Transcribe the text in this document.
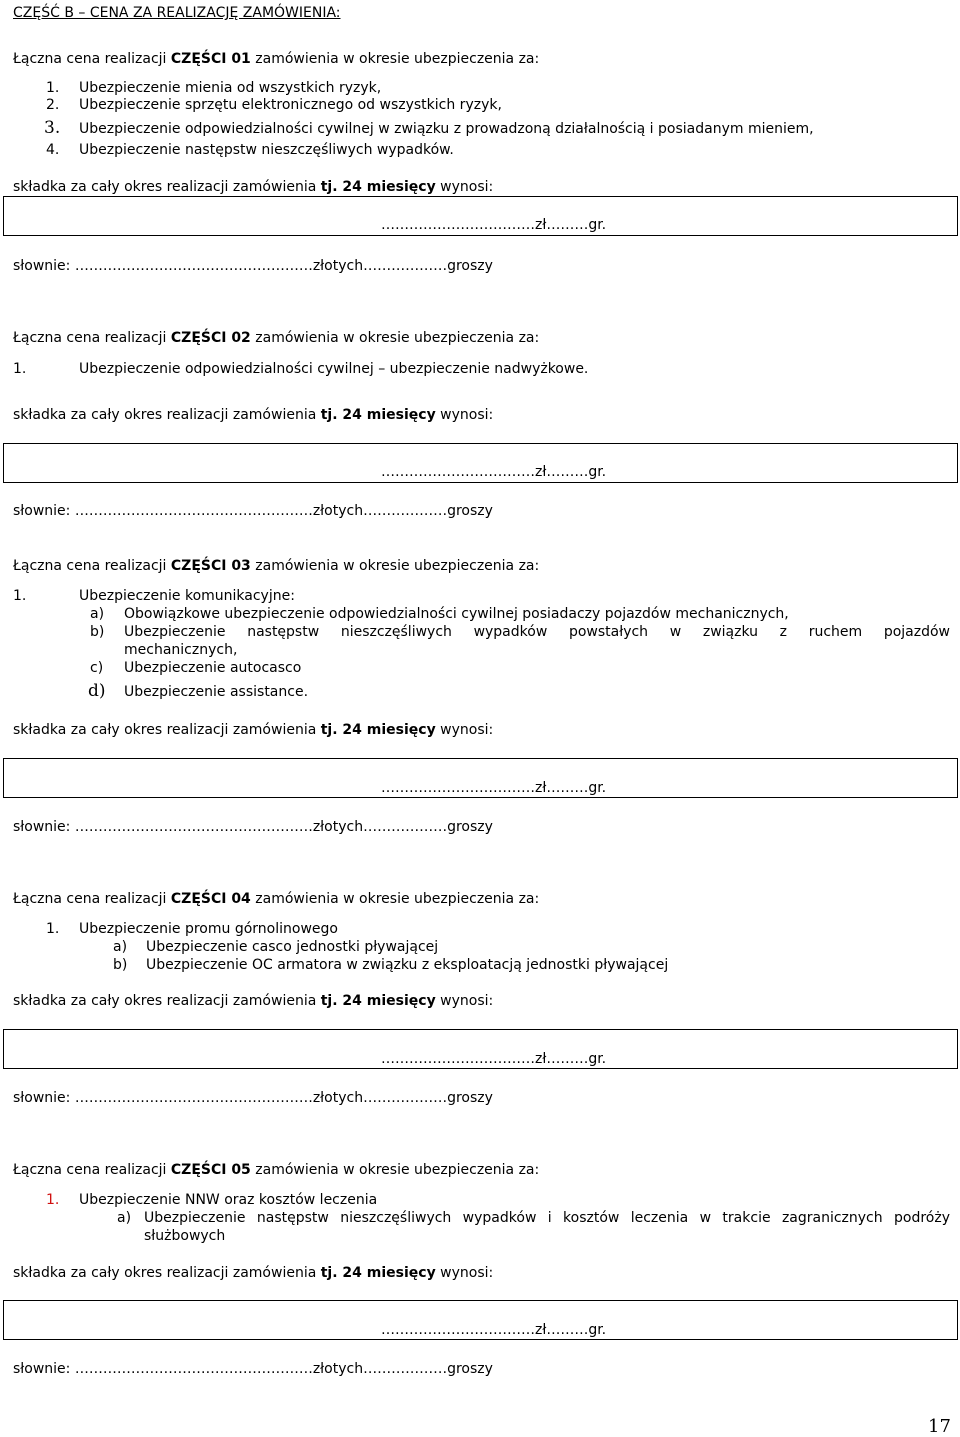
CZĘŚĆ B – CENA ZA REALIZACJĘ ZAMÓWIENIA:
Łączna cena realizacji CZĘŚCI 01 zamówienia w okresie ubezpieczenia za:
1. Ubezpieczenie mienia od wszystkich ryzyk,
2. Ubezpieczenie sprzętu elektronicznego od wszystkich ryzyk,
3. Ubezpieczenie odpowiedzialności cywilnej w związku z prowadzoną działalnością i posiadanym mieniem,
4. Ubezpieczenie następstw nieszczęśliwych wypadków.
składka za cały okres realizacji zamówienia tj. 24 miesięcy wynosi:
……………………………zł………gr.
słownie: ……………………………………………złotych………………groszy
Łączna cena realizacji CZĘŚCI 02 zamówienia w okresie ubezpieczenia za:
1.	Ubezpieczenie odpowiedzialności cywilnej – ubezpieczenie nadwyżkowe.
składka za cały okres realizacji zamówienia tj. 24 miesięcy wynosi:
……………………………zł………gr.
słownie: ……………………………………………złotych………………groszy
Łączna cena realizacji CZĘŚCI 03 zamówienia w okresie ubezpieczenia za:
1.	Ubezpieczenie komunikacyjne:
a) Obowiązkowe ubezpieczenie odpowiedzialności cywilnej posiadaczy pojazdów mechanicznych,
b) Ubezpieczenie następstw nieszczęśliwych wypadków powstałych w związku z ruchem pojazdów
mechanicznych,
c) Ubezpieczenie autocasco
d) Ubezpieczenie assistance.
składka za cały okres realizacji zamówienia tj. 24 miesięcy wynosi:
……………………………zł………gr.
słownie: ……………………………………………złotych………………groszy
Łączna cena realizacji CZĘŚCI 04 zamówienia w okresie ubezpieczenia za:
1. Ubezpieczenie promu górnolinowego
a) Ubezpieczenie casco jednostki pływającej
b) Ubezpieczenie OC armatora w związku z eksploatacją jednostki pływającej
składka za cały okres realizacji zamówienia tj. 24 miesięcy wynosi:
……………………………zł………gr.
słownie: ……………………………………………złotych………………groszy
Łączna cena realizacji CZĘŚCI 05 zamówienia w okresie ubezpieczenia za:
1. Ubezpieczenie NNW oraz kosztów leczenia
a) Ubezpieczenie następstw nieszczęśliwych wypadków i kosztów leczenia w trakcie zagranicznych podróży
służbowych
składka za cały okres realizacji zamówienia tj. 24 miesięcy wynosi:
……………………………zł………gr.
słownie: ……………………………………………złotych………………groszy
17
